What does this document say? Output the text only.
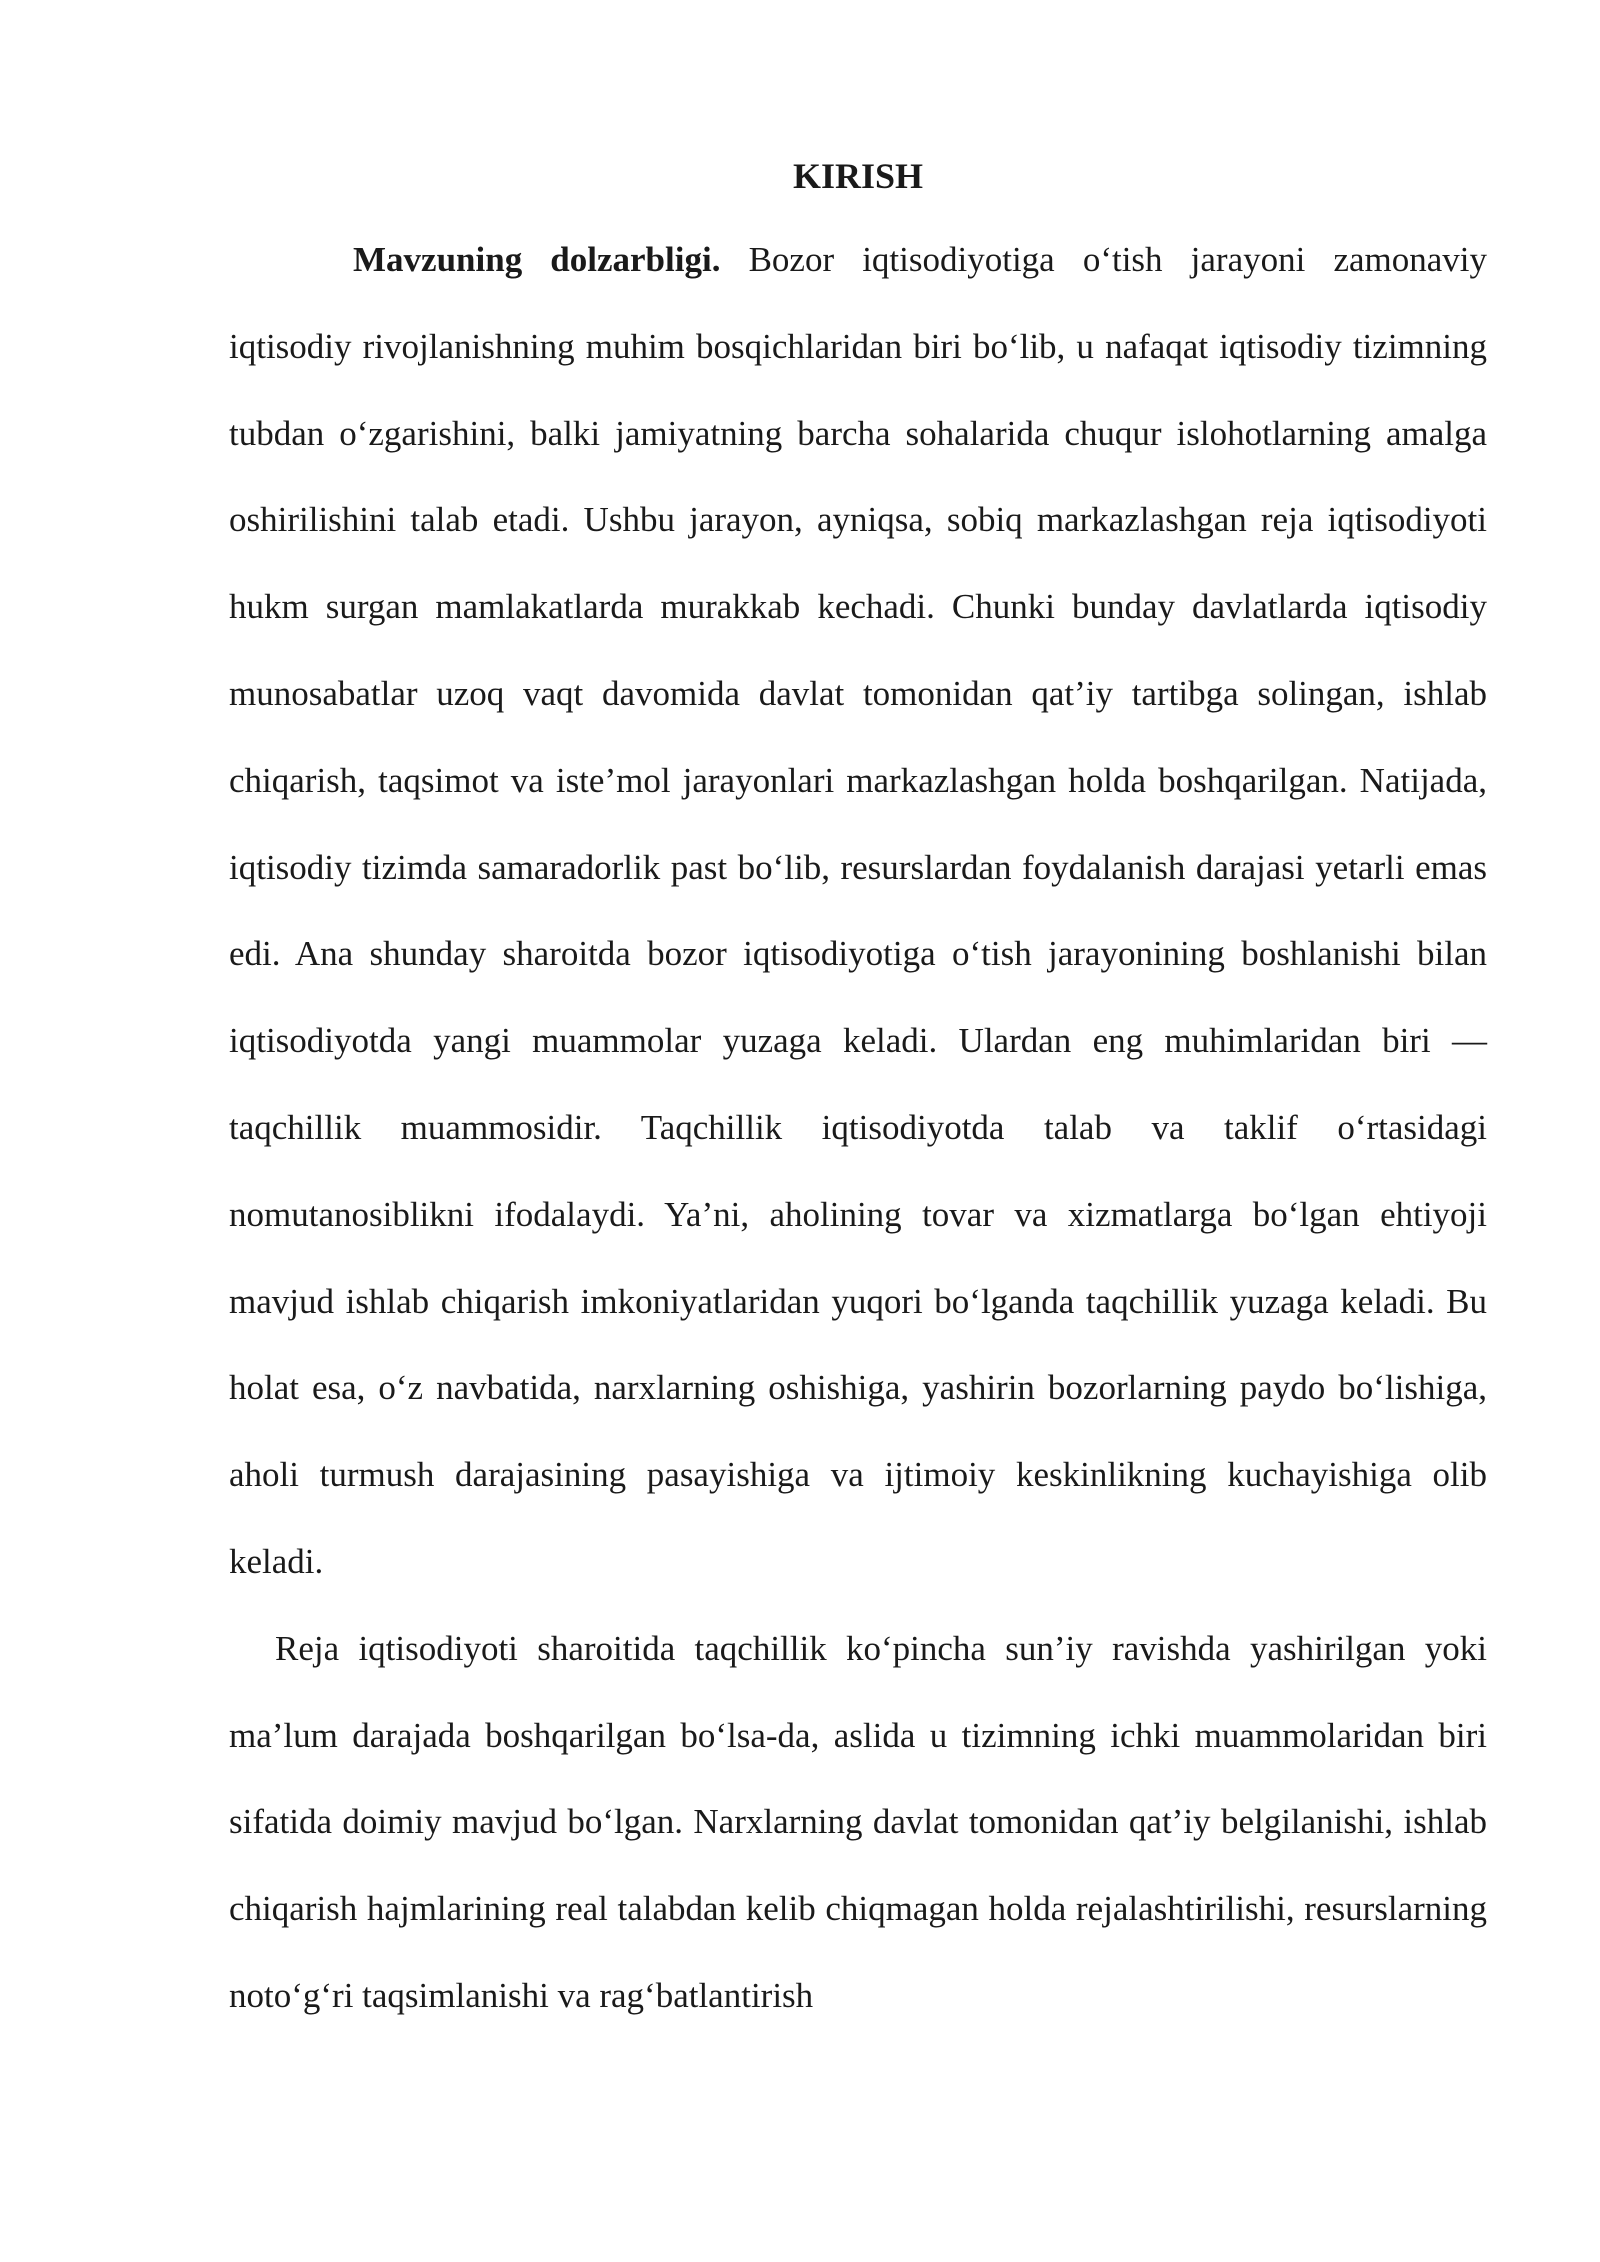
KIRISH

Mavzuning dolzarbligi. Bozor iqtisodiyotiga o‘tish jarayoni zamonaviy iqtisodiy rivojlanishning muhim bosqichlaridan biri bo‘lib, u nafaqat iqtisodiy tizimning tubdan o‘zgarishini, balki jamiyatning barcha sohalarida chuqur islohotlarning amalga oshirilishini talab etadi. Ushbu jarayon, ayniqsa, sobiq markazlashgan reja iqtisodiyoti hukm surgan mamlakatlarda murakkab kechadi. Chunki bunday davlatlarda iqtisodiy munosabatlar uzoq vaqt davomida davlat tomonidan qat’iy tartibga solingan, ishlab chiqarish, taqsimot va iste’mol jarayonlari markazlashgan holda boshqarilgan. Natijada, iqtisodiy tizimda samaradorlik past bo‘lib, resurslardan foydalanish darajasi yetarli emas edi. Ana shunday sharoitda bozor iqtisodiyotiga o‘tish jarayonining boshlanishi bilan iqtisodiyotda yangi muammolar yuzaga keladi. Ulardan eng muhimlaridan biri — taqchillik muammosidir. Taqchillik iqtisodiyotda talab va taklif o‘rtasidagi nomutanosiblikni ifodalaydi. Ya’ni, aholining tovar va xizmatlarga bo‘lgan ehtiyoji mavjud ishlab chiqarish imkoniyatlaridan yuqori bo‘lganda taqchillik yuzaga keladi. Bu holat esa, o‘z navbatida, narxlarning oshishiga, yashirin bozorlarning paydo bo‘lishiga, aholi turmush darajasining pasayishiga va ijtimoiy keskinlikning kuchayishiga olib keladi.

Reja iqtisodiyoti sharoitida taqchillik ko‘pincha sun’iy ravishda yashirilgan yoki ma’lum darajada boshqarilgan bo‘lsa-da, aslida u tizimning ichki muammolaridan biri sifatida doimiy mavjud bo‘lgan. Narxlarning davlat tomonidan qat’iy belgilanishi, ishlab chiqarish hajmlarining real talabdan kelib chiqmagan holda rejalashtirilishi, resurslarning noto‘g‘ri taqsimlanishi va rag‘batlantirish
